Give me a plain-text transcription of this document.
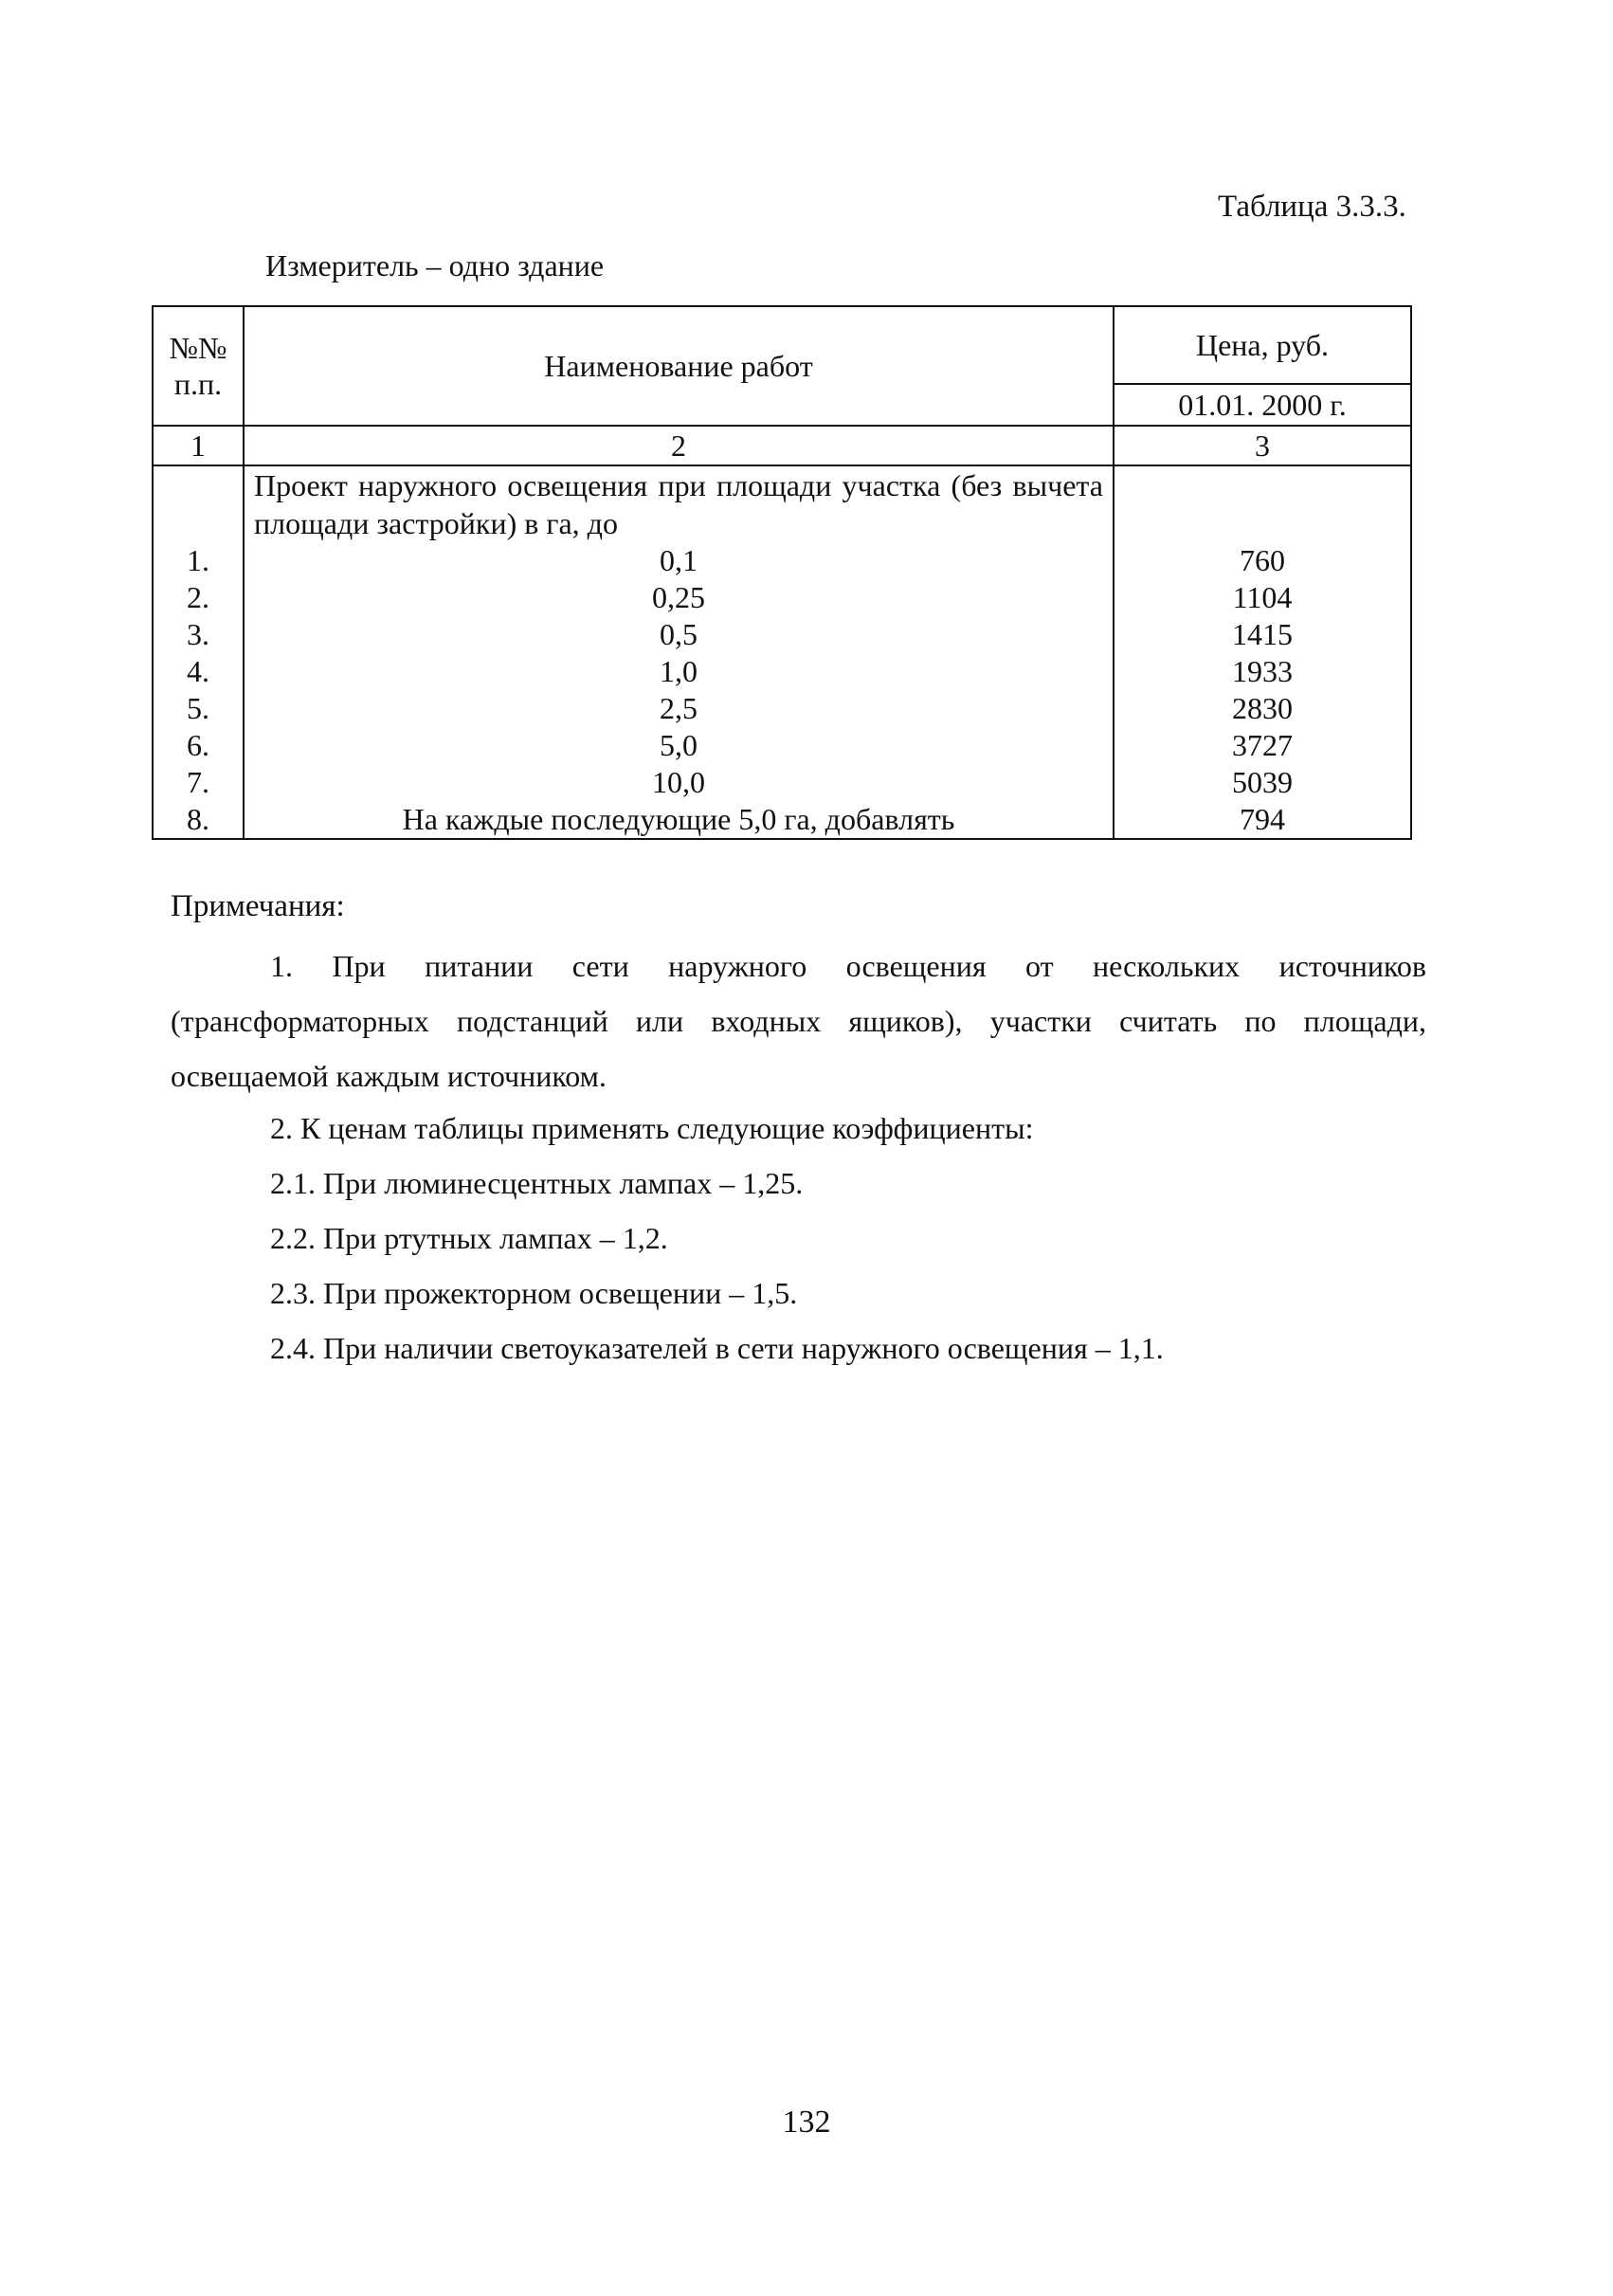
Таблица 3.3.3.
Измеритель – одно здание
№№ п.п.	Наименование работ	Цена, руб.
		01.01. 2000 г.
1	2	3
	Проект наружного освещения при площади участка (без вычета площади застройки) в га, до	
1.	0,1	760
2.	0,25	1104
3.	0,5	1415
4.	1,0	1933
5.	2,5	2830
6.	5,0	3727
7.	10,0	5039
8.	На каждые последующие 5,0 га, добавлять	794
Примечания:
1. При питании сети наружного освещения от нескольких источников (трансформаторных подстанций или входных ящиков), участки считать по площади, освещаемой каждым источником.
2. К ценам таблицы применять следующие коэффициенты:
2.1. При люминесцентных лампах – 1,25.
2.2. При ртутных лампах – 1,2.
2.3. При прожекторном освещении – 1,5.
2.4. При наличии светоуказателей в сети наружного освещения – 1,1.
132
